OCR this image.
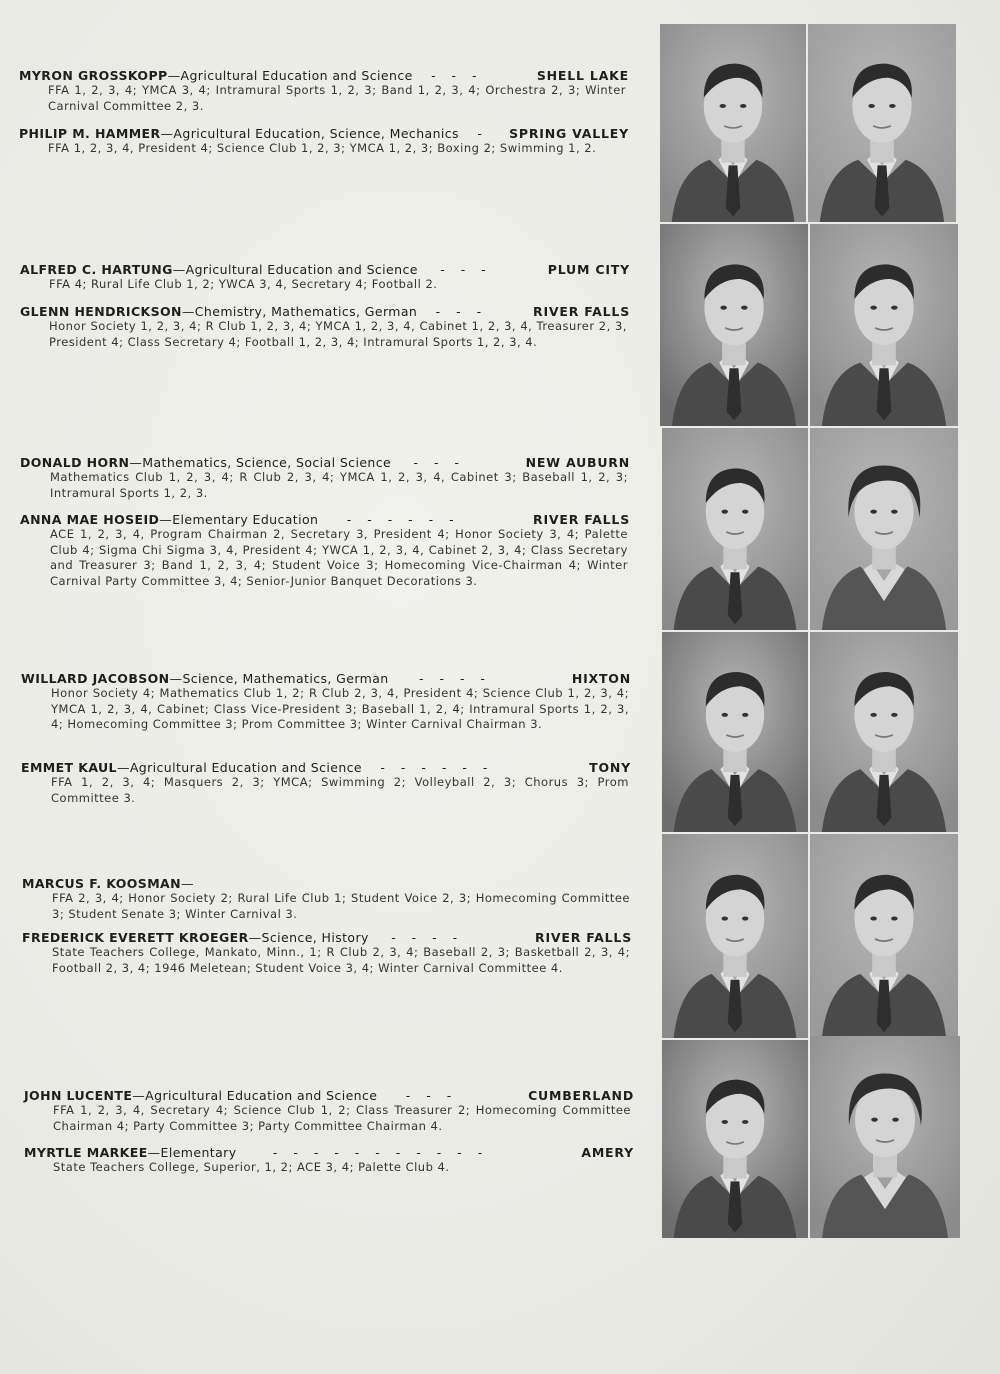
MYRON GROSSKOPP—Agricultural Education and Science - - -	SHELL LAKE
FFA 1, 2, 3, 4; YMCA 3, 4; Intramural Sports 1, 2, 3; Band 1, 2, 3, 4; Orchestra 2, 3; Winter Carnival Committee 2, 3.
PHILIP M. HAMMER—Agricultural Education, Science, Mechanics - SPRING VALLEY
FFA 1, 2, 3, 4, President 4; Science Club 1, 2, 3; YMCA 1, 2, 3; Boxing 2; Swimming 1, 2.
ALFRED C. HARTUNG—Agricultural Education and Science - - -	PLUM CITY
FFA 4; Rural Life Club 1, 2; YWCA 3, 4, Secretary 4; Football 2.
GLENN HENDRICKSON—Chemistry, Mathematics, German - - -	RIVER FALLS
Honor Society 1, 2, 3, 4; R Club 1, 2, 3, 4; YMCA 1, 2, 3, 4, Cabinet 1, 2, 3, 4, Treasurer 2, 3, President 4; Class Secretary 4; Football 1, 2, 3, 4; Intramural Sports 1, 2, 3, 4.
DONALD HORN—Mathematics, Science, Social Science - - -	NEW AUBURN
Mathematics Club 1, 2, 3, 4; R Club 2, 3, 4; YMCA 1, 2, 3, 4, Cabinet 3; Baseball 1, 2, 3; Intramural Sports 1, 2, 3.
ANNA MAE HOSEID—Elementary Education - - - - - -	RIVER FALLS
ACE 1, 2, 3, 4, Program Chairman 2, Secretary 3, President 4; Honor Society 3, 4; Palette Club 4; Sigma Chi Sigma 3, 4, President 4; YWCA 1, 2, 3, 4, Cabinet 2, 3, 4; Class Secretary and Treasurer 3; Band 1, 2, 3, 4; Student Voice 3; Homecoming Vice-Chairman 4; Winter Carnival Party Committee 3, 4; Senior-Junior Banquet Decorations 3.
WILLARD JACOBSON—Science, Mathematics, German - - - -	HIXTON
Honor Society 4; Mathematics Club 1, 2; R Club 2, 3, 4, President 4; Science Club 1, 2, 3, 4; YMCA 1, 2, 3, 4, Cabinet; Class Vice-President 3; Baseball 1, 2, 4; Intramural Sports 1, 2, 3, 4; Homecoming Committee 3; Prom Committee 3; Winter Carnival Chairman 3.
EMMET KAUL—Agricultural Education and Science - - - - - -	TONY
FFA 1, 2, 3, 4; Masquers 2, 3; YMCA; Swimming 2; Volleyball 2, 3; Chorus 3; Prom Committee 3.
MARCUS F. KOOSMAN—
FFA 2, 3, 4; Honor Society 2; Rural Life Club 1; Student Voice 2, 3; Homecoming Committee 3; Student Senate 3; Winter Carnival 3.
FREDERICK EVERETT KROEGER—Science, History - - - -	RIVER FALLS
State Teachers College, Mankato, Minn., 1; R Club 2, 3, 4; Baseball 2, 3; Basketball 2, 3, 4; Football 2, 3, 4; 1946 Meletean; Student Voice 3, 4; Winter Carnival Committee 4.
JOHN LUCENTE—Agricultural Education and Science - - -	CUMBERLAND
FFA 1, 2, 3, 4, Secretary 4; Science Club 1, 2; Class Treasurer 2; Homecoming Committee Chairman 4; Party Committee 3; Party Committee Chairman 4.
MYRTLE MARKEE—Elementary	- - - - - - - - - - -	AMERY
State Teachers College, Superior, 1, 2; ACE 3, 4; Palette Club 4.
